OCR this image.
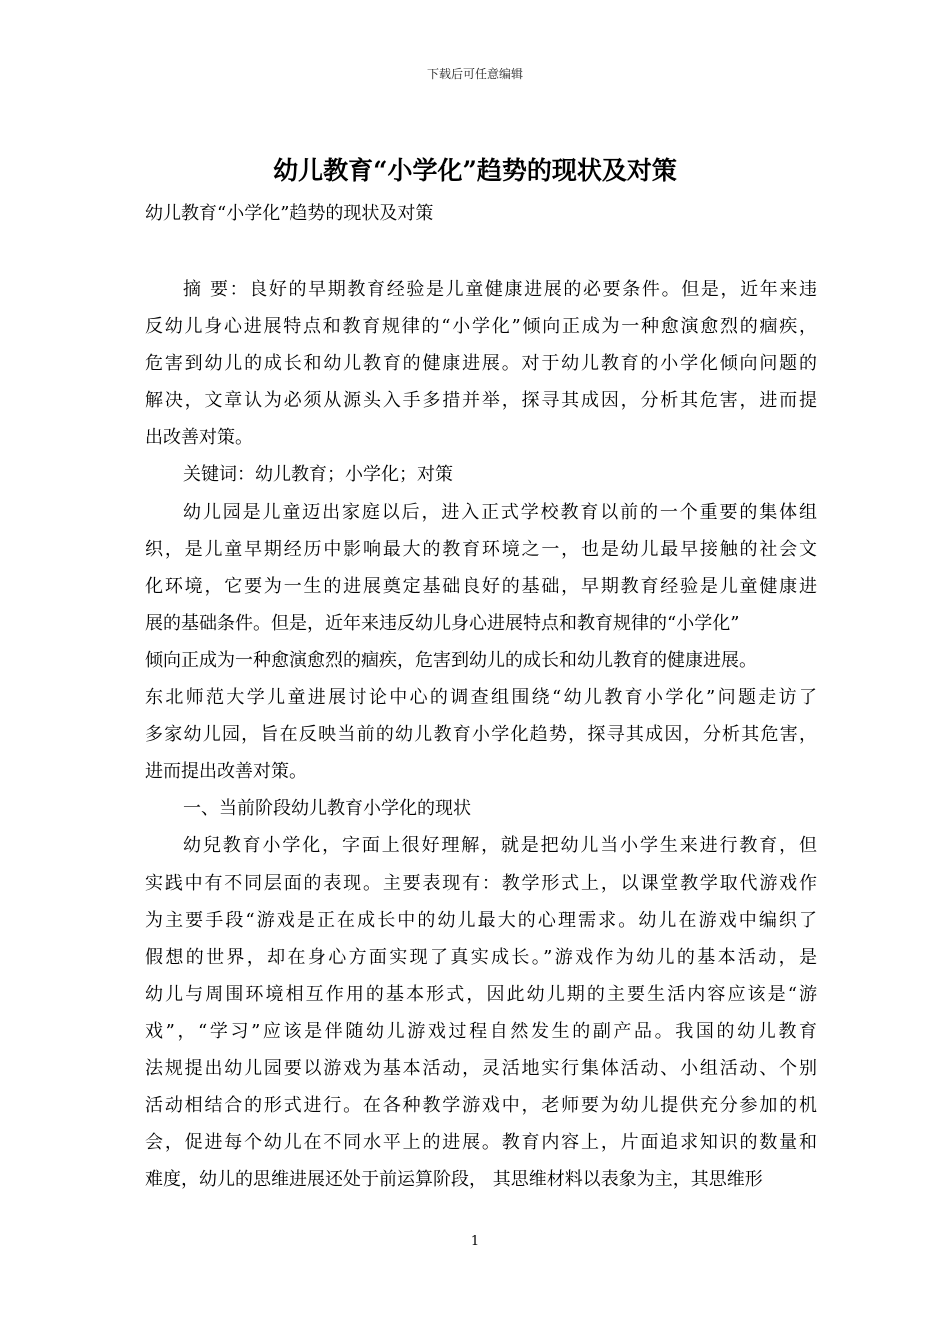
下载后可任意编辑
幼儿教育“小学化”趋势的现状及对策
幼儿教育“小学化”趋势的现状及对策
摘 要：良好的早期教育经验是儿童健康进展的必要条件。但是，近年来违
反幼儿身心进展特点和教育规律的“小学化”倾向正成为一种愈演愈烈的痼疾，
危害到幼儿的成长和幼儿教育的健康进展。对于幼儿教育的小学化倾向问题的
解决，文章认为必须从源头入手多措并举，探寻其成因，分析其危害，进而提
出改善对策。
关键词：幼儿教育；小学化；对策
幼儿园是儿童迈出家庭以后，进入正式学校教育以前的一个重要的集体组
织，是儿童早期经历中影响最大的教育环境之一，也是幼儿最早接触的社会文
化环境，它要为一生的进展奠定基础良好的基础，早期教育经验是儿童健康进
展的基础条件。但是，近年来违反幼儿身心进展特点和教育规律的“小学化”
倾向正成为一种愈演愈烈的痼疾，危害到幼儿的成长和幼儿教育的健康进展。
东北师范大学儿童进展讨论中心的调查组围绕“幼儿教育小学化”问题走访了
多家幼儿园，旨在反映当前的幼儿教育小学化趋势，探寻其成因，分析其危害，
进而提出改善对策。
一、当前阶段幼儿教育小学化的现状
幼兒教育小学化，字面上很好理解，就是把幼儿当小学生来进行教育，但
实践中有不同层面的表现。主要表现有：教学形式上，以课堂教学取代游戏作
为主要手段“游戏是正在成长中的幼儿最大的心理需求。幼儿在游戏中编织了
假想的世界，却在身心方面实现了真实成长。”游戏作为幼儿的基本活动，是
幼儿与周围环境相互作用的基本形式，因此幼儿期的主要生活内容应该是“游
戏”，“学习”应该是伴随幼儿游戏过程自然发生的副产品。我国的幼儿教育
法规提出幼儿园要以游戏为基本活动，灵活地实行集体活动、小组活动、个别
活动相结合的形式进行。在各种教学游戏中，老师要为幼儿提供充分参加的机
会，促进每个幼儿在不同水平上的进展。教育内容上，片面追求知识的数量和
难度，幼儿的思维进展还处于前运算阶段， 其思维材料以表象为主，其思维形
1
